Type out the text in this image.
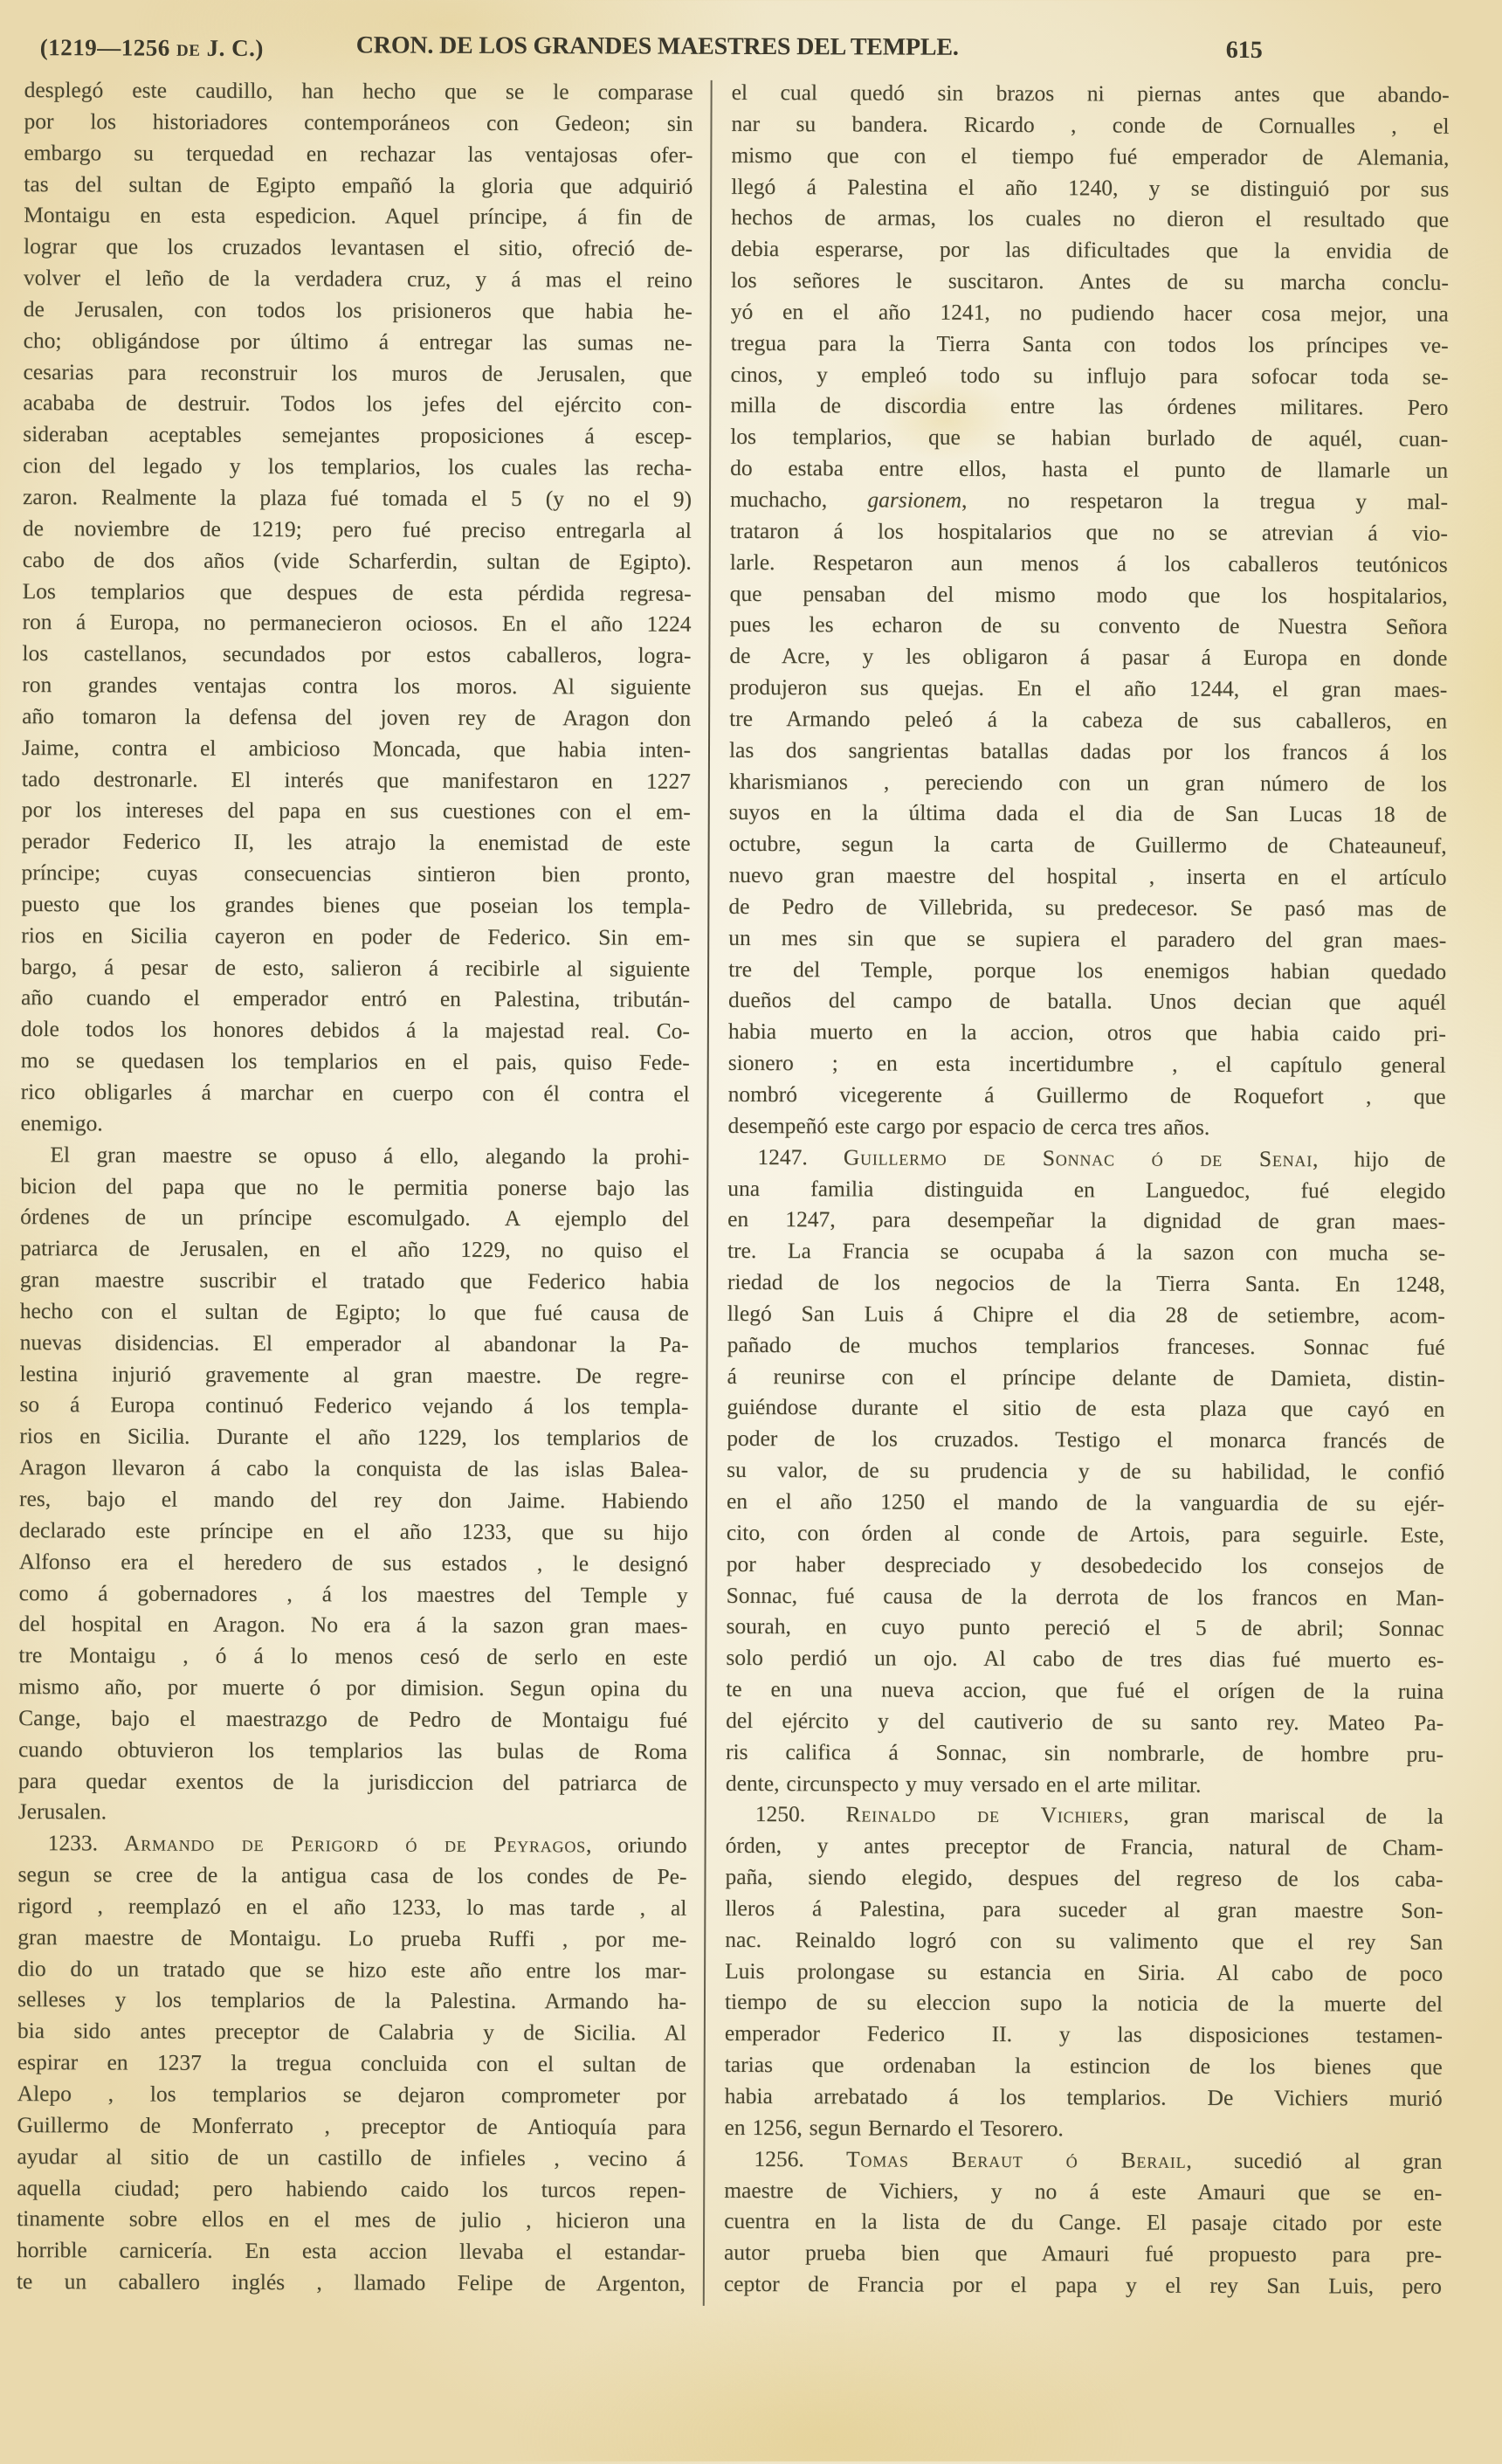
(1219—1256 de J. C.)	CRON. DE LOS GRANDES MAESTRES DEL TEMPLE.	615
desplegó este caudillo, han hecho que se le comparase
por los historiadores contemporáneos con Gedeon; sin
embargo su terquedad en rechazar las ventajosas ofer-
tas del sultan de Egipto empañó la gloria que adquirió
Montaigu en esta espedicion. Aquel príncipe, á fin de
lograr que los cruzados levantasen el sitio, ofreció de-
volver el leño de la verdadera cruz, y á mas el reino
de Jerusalen, con todos los prisioneros que habia he-
cho; obligándose por último á entregar las sumas ne-
cesarias para reconstruir los muros de Jerusalen, que
acababa de destruir. Todos los jefes del ejército con-
sideraban aceptables semejantes proposiciones á escep-
cion del legado y los templarios, los cuales las recha-
zaron. Realmente la plaza fué tomada el 5 (y no el 9)
de noviembre de 1219; pero fué preciso entregarla al
cabo de dos años (vide Scharferdin, sultan de Egipto).
Los templarios que despues de esta pérdida regresa-
ron á Europa, no permanecieron ociosos. En el año 1224
los castellanos, secundados por estos caballeros, logra-
ron grandes ventajas contra los moros. Al siguiente
año tomaron la defensa del joven rey de Aragon don
Jaime, contra el ambicioso Moncada, que habia inten-
tado destronarle. El interés que manifestaron en 1227
por los intereses del papa en sus cuestiones con el em-
perador Federico II, les atrajo la enemistad de este
príncipe; cuyas consecuencias sintieron bien pronto,
puesto que los grandes bienes que poseian los templa-
rios en Sicilia cayeron en poder de Federico. Sin em-
bargo, á pesar de esto, salieron á recibirle al siguiente
año cuando el emperador entró en Palestina, tribután-
dole todos los honores debidos á la majestad real. Co-
mo se quedasen los templarios en el pais, quiso Fede-
rico obligarles á marchar en cuerpo con él contra el
enemigo.
El gran maestre se opuso á ello, alegando la prohi-
bicion del papa que no le permitia ponerse bajo las
órdenes de un príncipe escomulgado. A ejemplo del
patriarca de Jerusalen, en el año 1229, no quiso el
gran maestre suscribir el tratado que Federico habia
hecho con el sultan de Egipto; lo que fué causa de
nuevas disidencias. El emperador al abandonar la Pa-
lestina injurió gravemente al gran maestre. De regre-
so á Europa continuó Federico vejando á los templa-
rios en Sicilia. Durante el año 1229, los templarios de
Aragon llevaron á cabo la conquista de las islas Balea-
res, bajo el mando del rey don Jaime. Habiendo
declarado este príncipe en el año 1233, que su hijo
Alfonso era el heredero de sus estados , le designó
como á gobernadores , á los maestres del Temple y
del hospital en Aragon. No era á la sazon gran maes-
tre Montaigu , ó á lo menos cesó de serlo en este
mismo año, por muerte ó por dimision. Segun opina du
Cange, bajo el maestrazgo de Pedro de Montaigu fué
cuando obtuvieron los templarios las bulas de Roma
para quedar exentos de la jurisdiccion del patriarca de
Jerusalen.
1233. Armando de Perigord ó de Peyragos, oriundo
segun se cree de la antigua casa de los condes de Pe-
rigord , reemplazó en el año 1233, lo mas tarde , al
gran maestre de Montaigu. Lo prueba Ruffi , por me-
dio do un tratado que se hizo este año entre los mar-
selleses y los templarios de la Palestina. Armando ha-
bia sido antes preceptor de Calabria y de Sicilia. Al
espirar en 1237 la tregua concluida con el sultan de
Alepo , los templarios se dejaron comprometer por
Guillermo de Monferrato , preceptor de Antioquía para
ayudar al sitio de un castillo de infieles , vecino á
aquella ciudad; pero habiendo caido los turcos repen-
tinamente sobre ellos en el mes de julio , hicieron una
horrible carnicería. En esta accion llevaba el estandar-
te un caballero inglés , llamado Felipe de Argenton,
el cual quedó sin brazos ni piernas antes que abando-
nar su bandera. Ricardo , conde de Cornualles , el
mismo que con el tiempo fué emperador de Alemania,
llegó á Palestina el año 1240, y se distinguió por sus
hechos de armas, los cuales no dieron el resultado que
debia esperarse, por las dificultades que la envidia de
los señores le suscitaron. Antes de su marcha conclu-
yó en el año 1241, no pudiendo hacer cosa mejor, una
tregua para la Tierra Santa con todos los príncipes ve-
cinos, y empleó todo su influjo para sofocar toda se-
milla de discordia entre las órdenes militares. Pero
los templarios, que se habian burlado de aquél, cuan-
do estaba entre ellos, hasta el punto de llamarle un
muchacho, garsionem, no respetaron la tregua y mal-
trataron á los hospitalarios que no se atrevian á vio-
larle. Respetaron aun menos á los caballeros teutónicos
que pensaban del mismo modo que los hospitalarios,
pues les echaron de su convento de Nuestra Señora
de Acre, y les obligaron á pasar á Europa en donde
produjeron sus quejas. En el año 1244, el gran maes-
tre Armando peleó á la cabeza de sus caballeros, en
las dos sangrientas batallas dadas por los francos á los
kharismianos , pereciendo con un gran número de los
suyos en la última dada el dia de San Lucas 18 de
octubre, segun la carta de Guillermo de Chateauneuf,
nuevo gran maestre del hospital , inserta en el artículo
de Pedro de Villebrida, su predecesor. Se pasó mas de
un mes sin que se supiera el paradero del gran maes-
tre del Temple, porque los enemigos habian quedado
dueños del campo de batalla. Unos decian que aquél
habia muerto en la accion, otros que habia caido pri-
sionero ; en esta incertidumbre , el capítulo general
nombró vicegerente á Guillermo de Roquefort , que
desempeñó este cargo por espacio de cerca tres años.
1247. Guillermo de Sonnac ó de Senai, hijo de
una familia distinguida en Languedoc, fué elegido
en 1247, para desempeñar la dignidad de gran maes-
tre. La Francia se ocupaba á la sazon con mucha se-
riedad de los negocios de la Tierra Santa. En 1248,
llegó San Luis á Chipre el dia 28 de setiembre, acom-
pañado de muchos templarios franceses. Sonnac fué
á reunirse con el príncipe delante de Damieta, distin-
guiéndose durante el sitio de esta plaza que cayó en
poder de los cruzados. Testigo el monarca francés de
su valor, de su prudencia y de su habilidad, le confió
en el año 1250 el mando de la vanguardia de su ejér-
cito, con órden al conde de Artois, para seguirle. Este,
por haber despreciado y desobedecido los consejos de
Sonnac, fué causa de la derrota de los francos en Man-
sourah, en cuyo punto pereció el 5 de abril; Sonnac
solo perdió un ojo. Al cabo de tres dias fué muerto es-
te en una nueva accion, que fué el orígen de la ruina
del ejército y del cautiverio de su santo rey. Mateo Pa-
ris califica á Sonnac, sin nombrarle, de hombre pru-
dente, circunspecto y muy versado en el arte militar.
1250. Reinaldo de Vichiers, gran mariscal de la
órden, y antes preceptor de Francia, natural de Cham-
paña, siendo elegido, despues del regreso de los caba-
lleros á Palestina, para suceder al gran maestre Son-
nac. Reinaldo logró con su valimento que el rey San
Luis prolongase su estancia en Siria. Al cabo de poco
tiempo de su eleccion supo la noticia de la muerte del
emperador Federico II. y las disposiciones testamen-
tarias que ordenaban la estincion de los bienes que
habia arrebatado á los templarios. De Vichiers murió
en 1256, segun Bernardo el Tesorero.
1256. Tomas Beraut ó Berail, sucedió al gran
maestre de Vichiers, y no á este Amauri que se en-
cuentra en la lista de du Cange. El pasaje citado por este
autor prueba bien que Amauri fué propuesto para pre-
ceptor de Francia por el papa y el rey San Luis, pero
